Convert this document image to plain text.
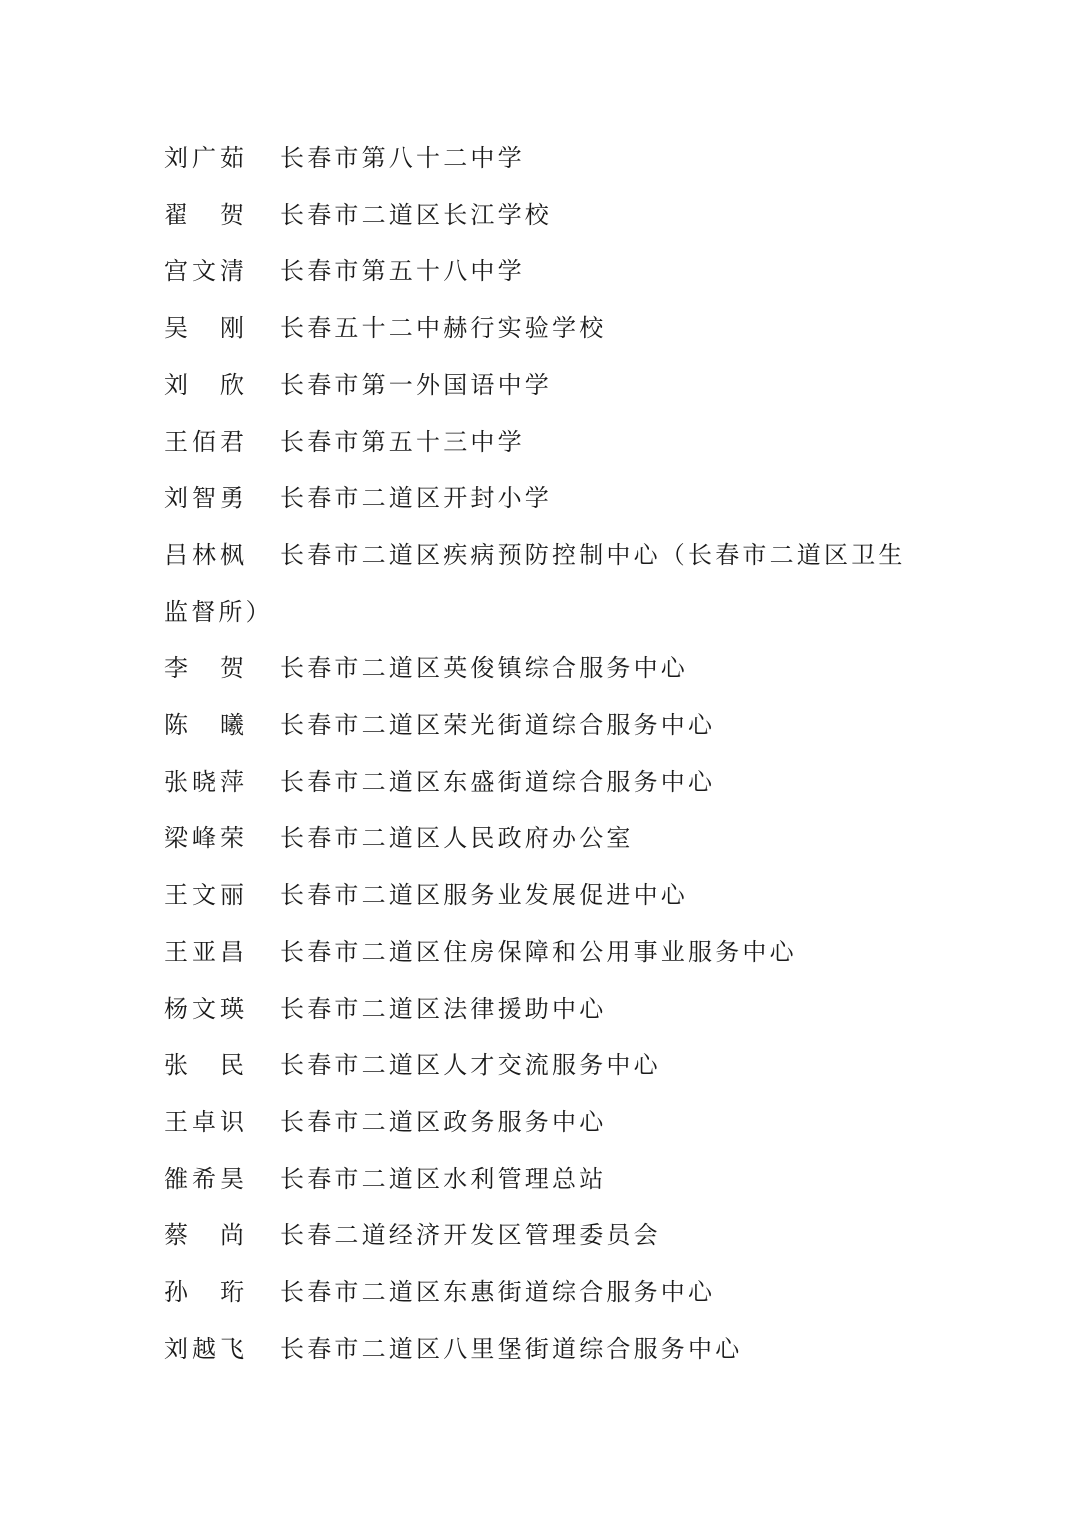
刘广茹 长春市第八十二中学
翟 贺 长春市二道区长江学校
宫文清 长春市第五十八中学
吴 刚 长春五十二中赫行实验学校
刘 欣 长春市第一外国语中学
王佰君 长春市第五十三中学
刘智勇 长春市二道区开封小学
吕林枫 长春市二道区疾病预防控制中心（长春市二道区卫生
监督所）
李 贺 长春市二道区英俊镇综合服务中心
陈 曦 长春市二道区荣光街道综合服务中心
张晓萍 长春市二道区东盛街道综合服务中心
梁峰荣 长春市二道区人民政府办公室
王文丽 长春市二道区服务业发展促进中心
王亚昌 长春市二道区住房保障和公用事业服务中心
杨文瑛 长春市二道区法律援助中心
张 民 长春市二道区人才交流服务中心
王卓识 长春市二道区政务服务中心
雒希昊 长春市二道区水利管理总站
蔡 尚 长春二道经济开发区管理委员会
孙 珩 长春市二道区东惠街道综合服务中心
刘越飞 长春市二道区八里堡街道综合服务中心
